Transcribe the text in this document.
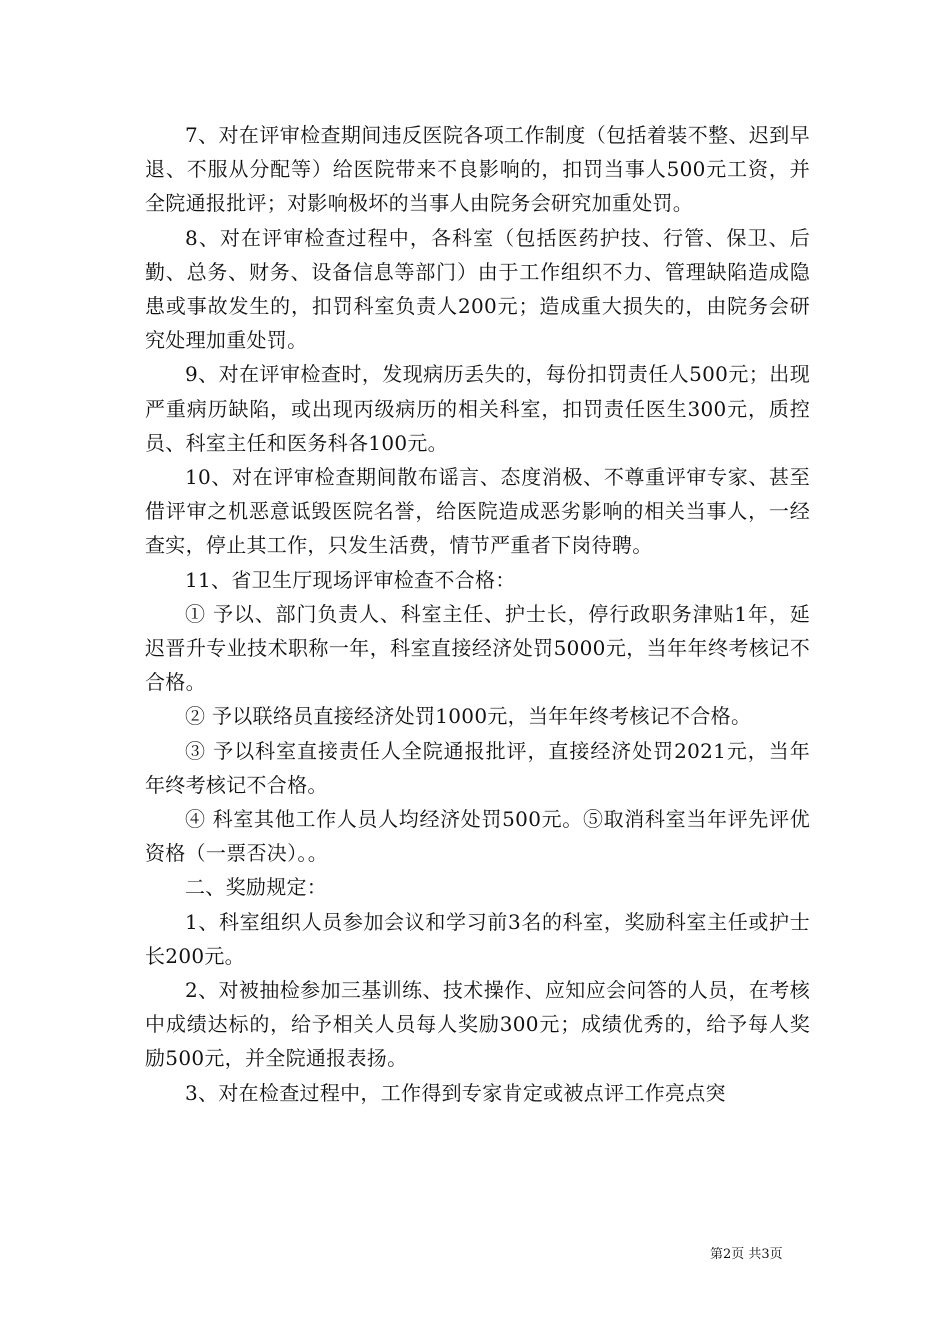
7、对在评审检查期间违反医院各项工作制度（包括着装不整、迟到早退、不服从分配等）给医院带来不良影响的，扣罚当事人500元工资，并全院通报批评；对影响极坏的当事人由院务会研究加重处罚。

8、对在评审检查过程中，各科室（包括医药护技、行管、保卫、后勤、总务、财务、设备信息等部门）由于工作组织不力、管理缺陷造成隐患或事故发生的，扣罚科室负责人200元；造成重大损失的，由院务会研究处理加重处罚。

9、对在评审检查时，发现病历丢失的，每份扣罚责任人500元；出现严重病历缺陷，或出现丙级病历的相关科室，扣罚责任医生300元，质控员、科室主任和医务科各100元。

10、对在评审检查期间散布谣言、态度消极、不尊重评审专家、甚至借评审之机恶意诋毁医院名誉，给医院造成恶劣影响的相关当事人，一经查实，停止其工作，只发生活费，情节严重者下岗待聘。

11、省卫生厅现场评审检查不合格：

① 予以、部门负责人、科室主任、护士长，停行政职务津贴1年，延迟晋升专业技术职称一年，科室直接经济处罚5000元，当年年终考核记不合格。

② 予以联络员直接经济处罚1000元，当年年终考核记不合格。

③ 予以科室直接责任人全院通报批评，直接经济处罚2021元，当年年终考核记不合格。

④ 科室其他工作人员人均经济处罚500元。⑤取消科室当年评先评优资格（一票否决）。。

二、奖励规定：

1、科室组织人员参加会议和学习前3名的科室，奖励科室主任或护士长200元。

2、对被抽检参加三基训练、技术操作、应知应会问答的人员，在考核中成绩达标的，给予相关人员每人奖励300元；成绩优秀的，给予每人奖励500元，并全院通报表扬。

3、对在检查过程中，工作得到专家肯定或被点评工作亮点突

第2页 共3页
